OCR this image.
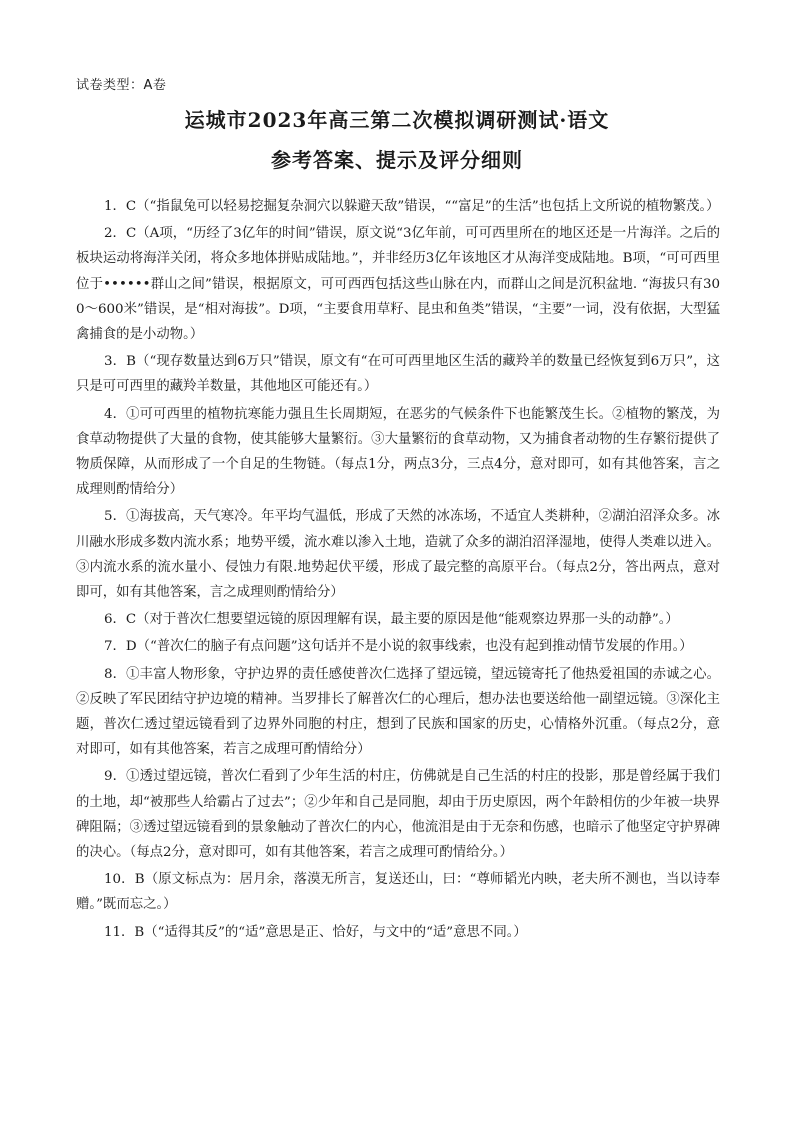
试卷类型：A卷
运城市2023年高三第二次模拟调研测试·语文
参考答案、提示及评分细则

1．C（“指鼠兔可以轻易挖掘复杂洞穴以躲避天敌”错误，““富足”的生活”也包括上文所说的植物繁茂。）

2．C（A项，“历经了3亿年的时间”错误，原文说“3亿年前，可可西里所在的地区还是一片海洋。之后的板块运动将海洋关闭，将众多地体拼贴成陆地。”，并非经历3亿年该地区才从海洋变成陆地。B项，“可可西里位于••••••群山之间”错误，根据原文，可可西西包括这些山脉在内，而群山之间是沉积盆地. “海拔只有300～600米”错误，是“相对海拔”。D项，“主要食用草籽、昆虫和鱼类”错误，“主要”一词，没有依据，大型猛禽捕食的是小动物。）

3．B（“现存数量达到6万只”错误，原文有“在可可西里地区生活的藏羚羊的数量已经恢复到6万只”，这只是可可西里的藏羚羊数量，其他地区可能还有。）

4．①可可西里的植物抗寒能力强且生长周期短，在恶劣的气候条件下也能繁茂生长。②植物的繁茂，为食草动物提供了大量的食物，使其能够大量繁衍。③大量繁衍的食草动物，又为捕食者动物的生存繁衍提供了物质保障，从而形成了一个自足的生物链。（每点1分，两点3分，三点4分，意对即可，如有其他答案，言之成理则酌情给分）

5．①海拔高，天气寒冷。年平均气温低，形成了天然的冰冻场，不适宜人类耕种，②湖泊沼泽众多。冰川融水形成多数内流水系；地势平缓，流水难以渗入土地，造就了众多的湖泊沼泽湿地，使得人类难以进入。③内流水系的流水量小、侵蚀力有限.地势起伏平缓，形成了最完整的高原平台。（每点2分，答出两点，意对即可，如有其他答案，言之成理则酌情给分）

6．C（对于普次仁想要望远镜的原因理解有误，最主要的原因是他“能观察边界那一头的动静”。）

7．D（“普次仁的脑子有点问题”这句话并不是小说的叙事线索，也没有起到推动情节发展的作用。）

8．①丰富人物形象，守护边界的责任感使普次仁选择了望远镜，望远镜寄托了他热爱祖国的赤诚之心。②反映了军民团结守护边境的精神。当罗排长了解普次仁的心理后，想办法也要送给他一副望远镜。③深化主题，普次仁透过望远镜看到了边界外同胞的村庄，想到了民族和国家的历史，心情格外沉重。（每点2分，意对即可，如有其他答案，若言之成理可酌情给分）

9．①透过望远镜，普次仁看到了少年生活的村庄，仿佛就是自己生活的村庄的投影，那是曾经属于我们的土地，却“被那些人给霸占了过去”；②少年和自己是同胞，却由于历史原因，两个年龄相仿的少年被一块界碑阻隔；③透过望远镜看到的景象触动了普次仁的内心，他流泪是由于无奈和伤感，也暗示了他坚定守护界碑的决心。（每点2分，意对即可，如有其他答案，若言之成理可酌情给分。）

10．B（原文标点为：居月余，落漠无所言，复送还山，曰：“尊师韬光内映，老夫所不测也，当以诗奉赠。”既而忘之。）

11．B（“适得其反”的“适”意思是正、恰好，与文中的“适”意思不同。）
